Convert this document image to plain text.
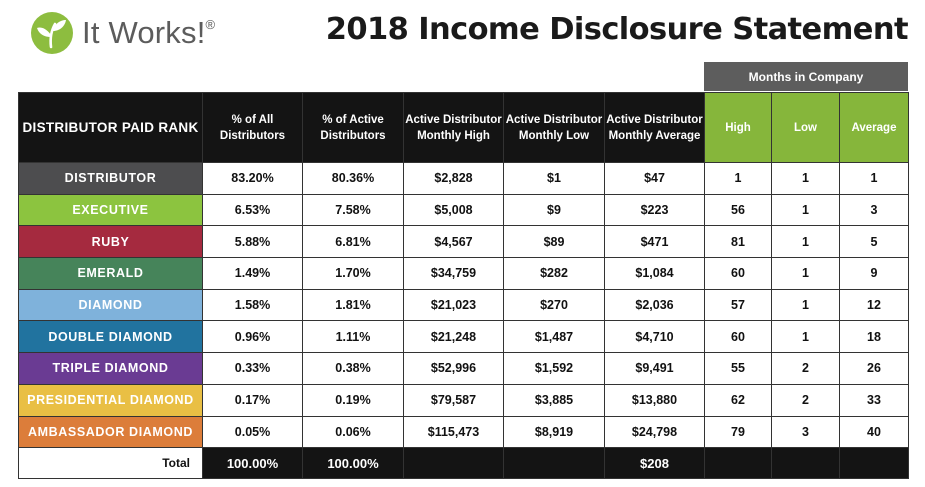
It Works!®	2018 Income Disclosure Statement
Months in Company
DISTRIBUTOR PAID RANK	% of All Distributors	% of Active Distributors	Active Distributor Monthly High	Active Distributor Monthly Low	Active Distributor Monthly Average	High	Low	Average
DISTRIBUTOR	83.20%	80.36%	$2,828	$1	$47	1	1	1
EXECUTIVE	6.53%	7.58%	$5,008	$9	$223	56	1	3
RUBY	5.88%	6.81%	$4,567	$89	$471	81	1	5
EMERALD	1.49%	1.70%	$34,759	$282	$1,084	60	1	9
DIAMOND	1.58%	1.81%	$21,023	$270	$2,036	57	1	12
DOUBLE DIAMOND	0.96%	1.11%	$21,248	$1,487	$4,710	60	1	18
TRIPLE DIAMOND	0.33%	0.38%	$52,996	$1,592	$9,491	55	2	26
PRESIDENTIAL DIAMOND	0.17%	0.19%	$79,587	$3,885	$13,880	62	2	33
AMBASSADOR DIAMOND	0.05%	0.06%	$115,473	$8,919	$24,798	79	3	40
Total	100.00%	100.00%			$208			
